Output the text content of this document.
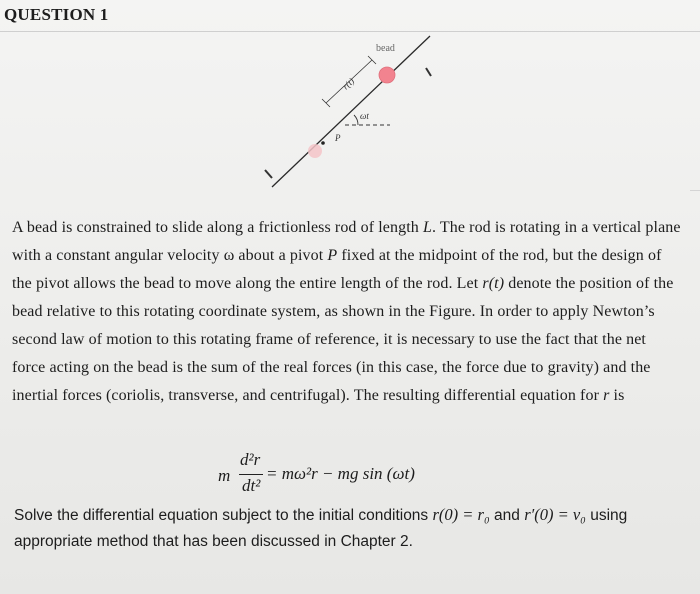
QUESTION 1
bead
r(t)
ωt
P
A bead is constrained to slide along a frictionless rod of length L. The rod is rotating in a vertical plane with a constant angular velocity ω about a pivot P fixed at the midpoint of the rod, but the design of the pivot allows the bead to move along the entire length of the rod. Let r(t) denote the position of the bead relative to this rotating coordinate system, as shown in the Figure. In order to apply Newton’s second law of motion to this rotating frame of reference, it is necessary to use the fact that the net force acting on the bead is the sum of the real forces (in this case, the force due to gravity) and the inertial forces (coriolis, transverse, and centrifugal). The resulting differential equation for r is
m
d²r
dt²
= mω²r − mg sin (ωt)
Solve the differential equation subject to the initial conditions r(0) = r₀ and r′(0) = v₀ using appropriate method that has been discussed in Chapter 2.
